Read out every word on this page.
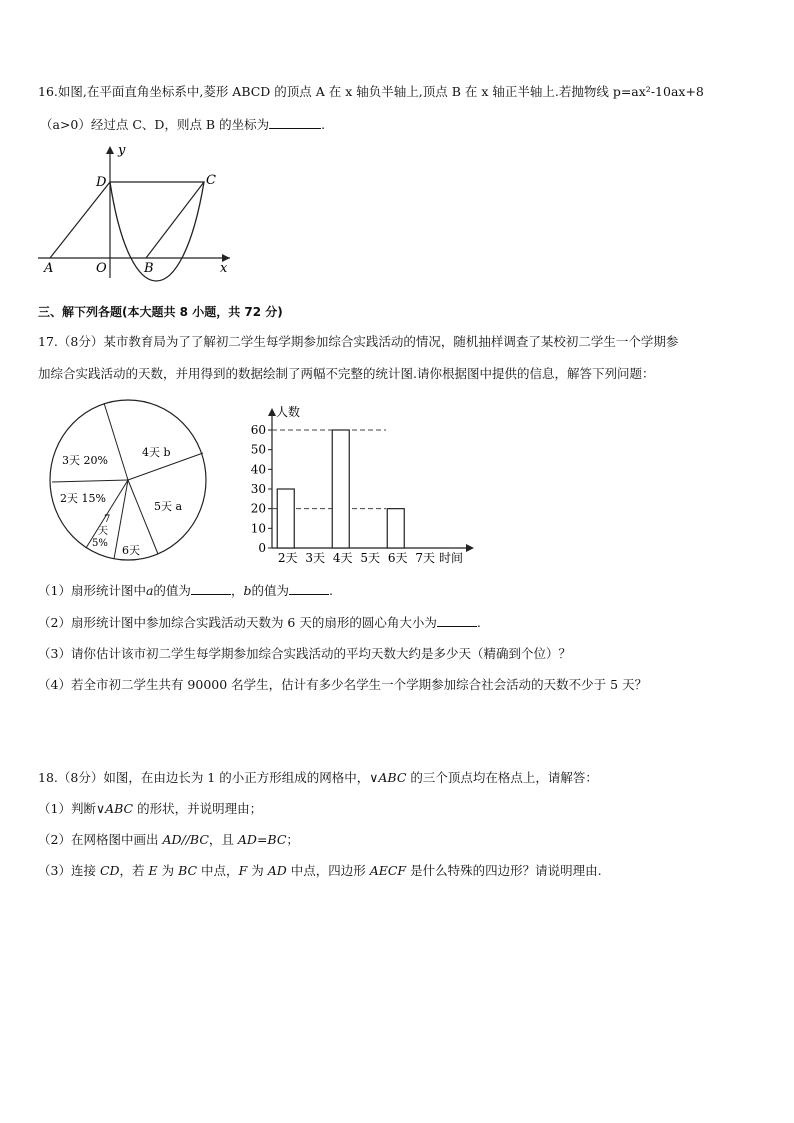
16.如图,在平面直角坐标系中,菱形 ABCD 的顶点 A 在 x 轴负半轴上,顶点 B 在 x 轴正半轴上.若抛物线 p=ax²-10ax+8
（a>0）经过点 C、D，则点 B 的坐标为	.
y
x
A	O	B
C
D
三、解下列各题(本大题共 8 小题，共 72 分)
17.（8分）某市教育局为了了解初二学生每学期参加综合实践活动的情况，随机抽样调查了某校初二学生一个学期参
加综合实践活动的天数，并用得到的数据绘制了两幅不完整的统计图.请你根据图中提供的信息，解答下列问题：
3天 20%
2天 15%
4天 b
5天 a
6天
7
天
5%
人数
0
10
20
30
40
50
60
2天 3天 4天 5天 6天 7天 时间
（1）扇形统计图中a的值为	，b的值为	.
（2）扇形统计图中参加综合实践活动天数为 6 天的扇形的圆心角大小为	.
（3）请你估计该市初二学生每学期参加综合实践活动的平均天数大约是多少天（精确到个位）？
（4）若全市初二学生共有 90000 名学生，估计有多少名学生一个学期参加综合社会活动的天数不少于 5 天？
18.（8分）如图，在由边长为 1 的小正方形组成的网格中，∨ABC 的三个顶点均在格点上，请解答：
（1）判断∨ABC 的形状，并说明理由；
（2）在网格图中画出 AD//BC，且 AD=BC；
（3）连接 CD，若 E 为 BC 中点，F 为 AD 中点，四边形 AECF 是什么特殊的四边形？请说明理由.
